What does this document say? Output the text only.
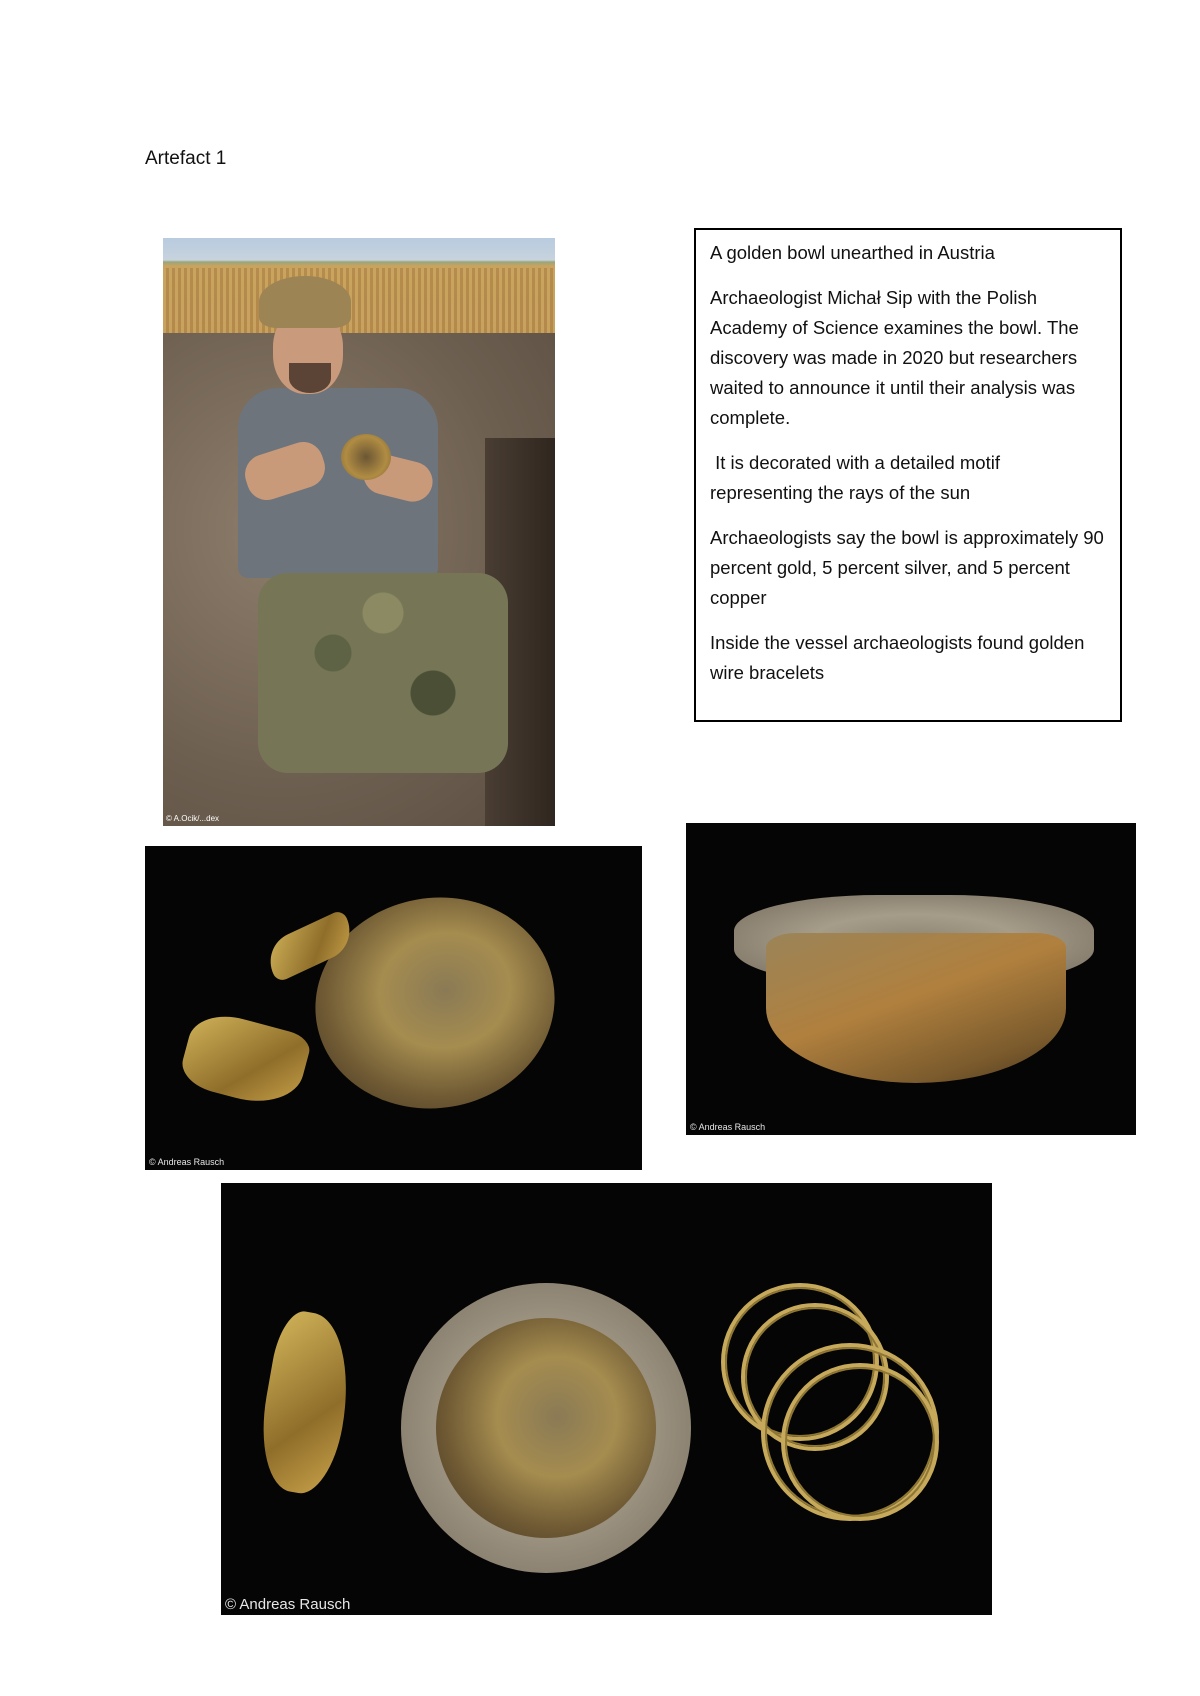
Artefact 1
© A.Ocik/...dex

A golden bowl unearthed in Austria

Archaeologist Michał Sip with the Polish Academy of Science examines the bowl. The discovery was made in 2020 but researchers waited to announce it until their analysis was complete.

It is decorated with a detailed motif representing the rays of the sun

Archaeologists say the bowl is approximately 90 percent gold, 5 percent silver, and 5 percent copper

Inside the vessel archaeologists found golden wire bracelets

© Andreas Rausch
© Andreas Rausch
© Andreas Rausch
